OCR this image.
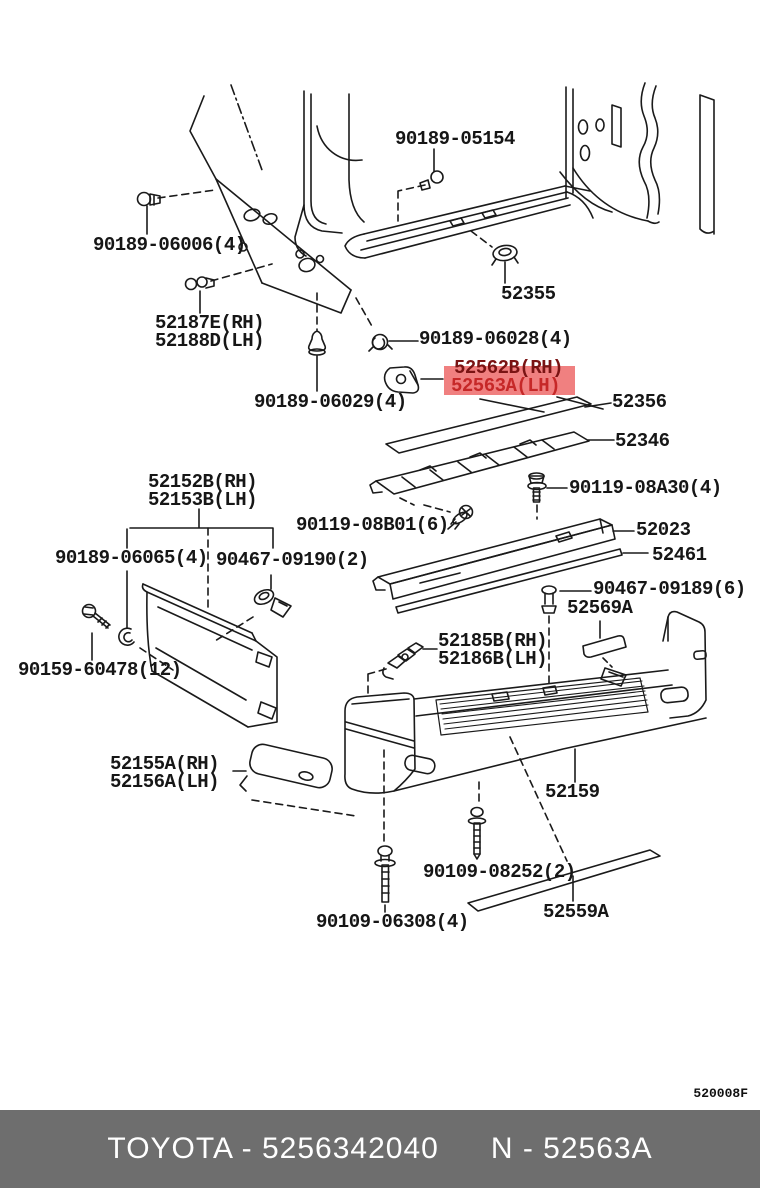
90189-05154
90189-06006(4)
52355
52187E(RH)
52188D(LH)	90189-06028(4)
52562B(RH)
52563A(LH)
90189-06029(4)	52356
52346
52152B(RH)
52153B(LH)
90119-08A30(4)
90119-08B01(6)	52023
52461
90189-06065(4) 90467-09190(2)
90467-09189(6)
52569A
90159-60478(12)
52185B(RH)
52186B(LH)
52155A(RH)
52156A(LH)	52159
90109-08252(2)
52559A
90109-06308(4)
520008F
TOYOTA - 5256342040 N - 52563A
